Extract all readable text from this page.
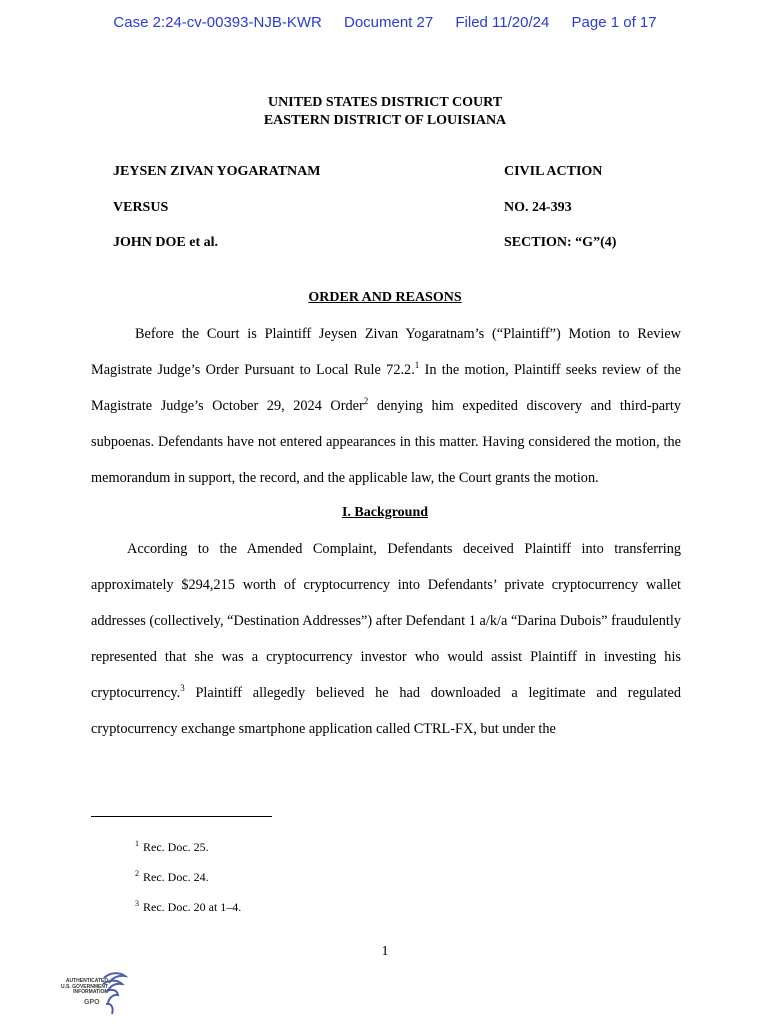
Case 2:24-cv-00393-NJB-KWR Document 27 Filed 11/20/24 Page 1 of 17
UNITED STATES DISTRICT COURT
EASTERN DISTRICT OF LOUISIANA
JEYSEN ZIVAN YOGARATNAM
VERSUS
JOHN DOE et al.
CIVIL ACTION
NO. 24-393
SECTION: “G”(4)
ORDER AND REASONS
Before the Court is Plaintiff Jeysen Zivan Yogaratnam’s (“Plaintiff”) Motion to Review Magistrate Judge’s Order Pursuant to Local Rule 72.2.$^1$ In the motion, Plaintiff seeks review of the Magistrate Judge’s October 29, 2024 Order$^2$ denying him expedited discovery and third-party subpoenas. Defendants have not entered appearances in this matter. Having considered the motion, the memorandum in support, the record, and the applicable law, the Court grants the motion.
I. Background
According to the Amended Complaint, Defendants deceived Plaintiff into transferring approximately $294,215 worth of cryptocurrency into Defendants’ private cryptocurrency wallet addresses (collectively, “Destination Addresses”) after Defendant 1 a/k/a “Darina Dubois” fraudulently represented that she was a cryptocurrency investor who would assist Plaintiff in investing his cryptocurrency.$^3$ Plaintiff allegedly believed he had downloaded a legitimate and regulated cryptocurrency exchange smartphone application called CTRL-FX, but under the
$^1$ Rec. Doc. 25.
$^2$ Rec. Doc. 24.
$^3$ Rec. Doc. 20 at 1–4.
1
AUTHENTICATED
U.S. GOVERNMENT
INFORMATION
GPO
